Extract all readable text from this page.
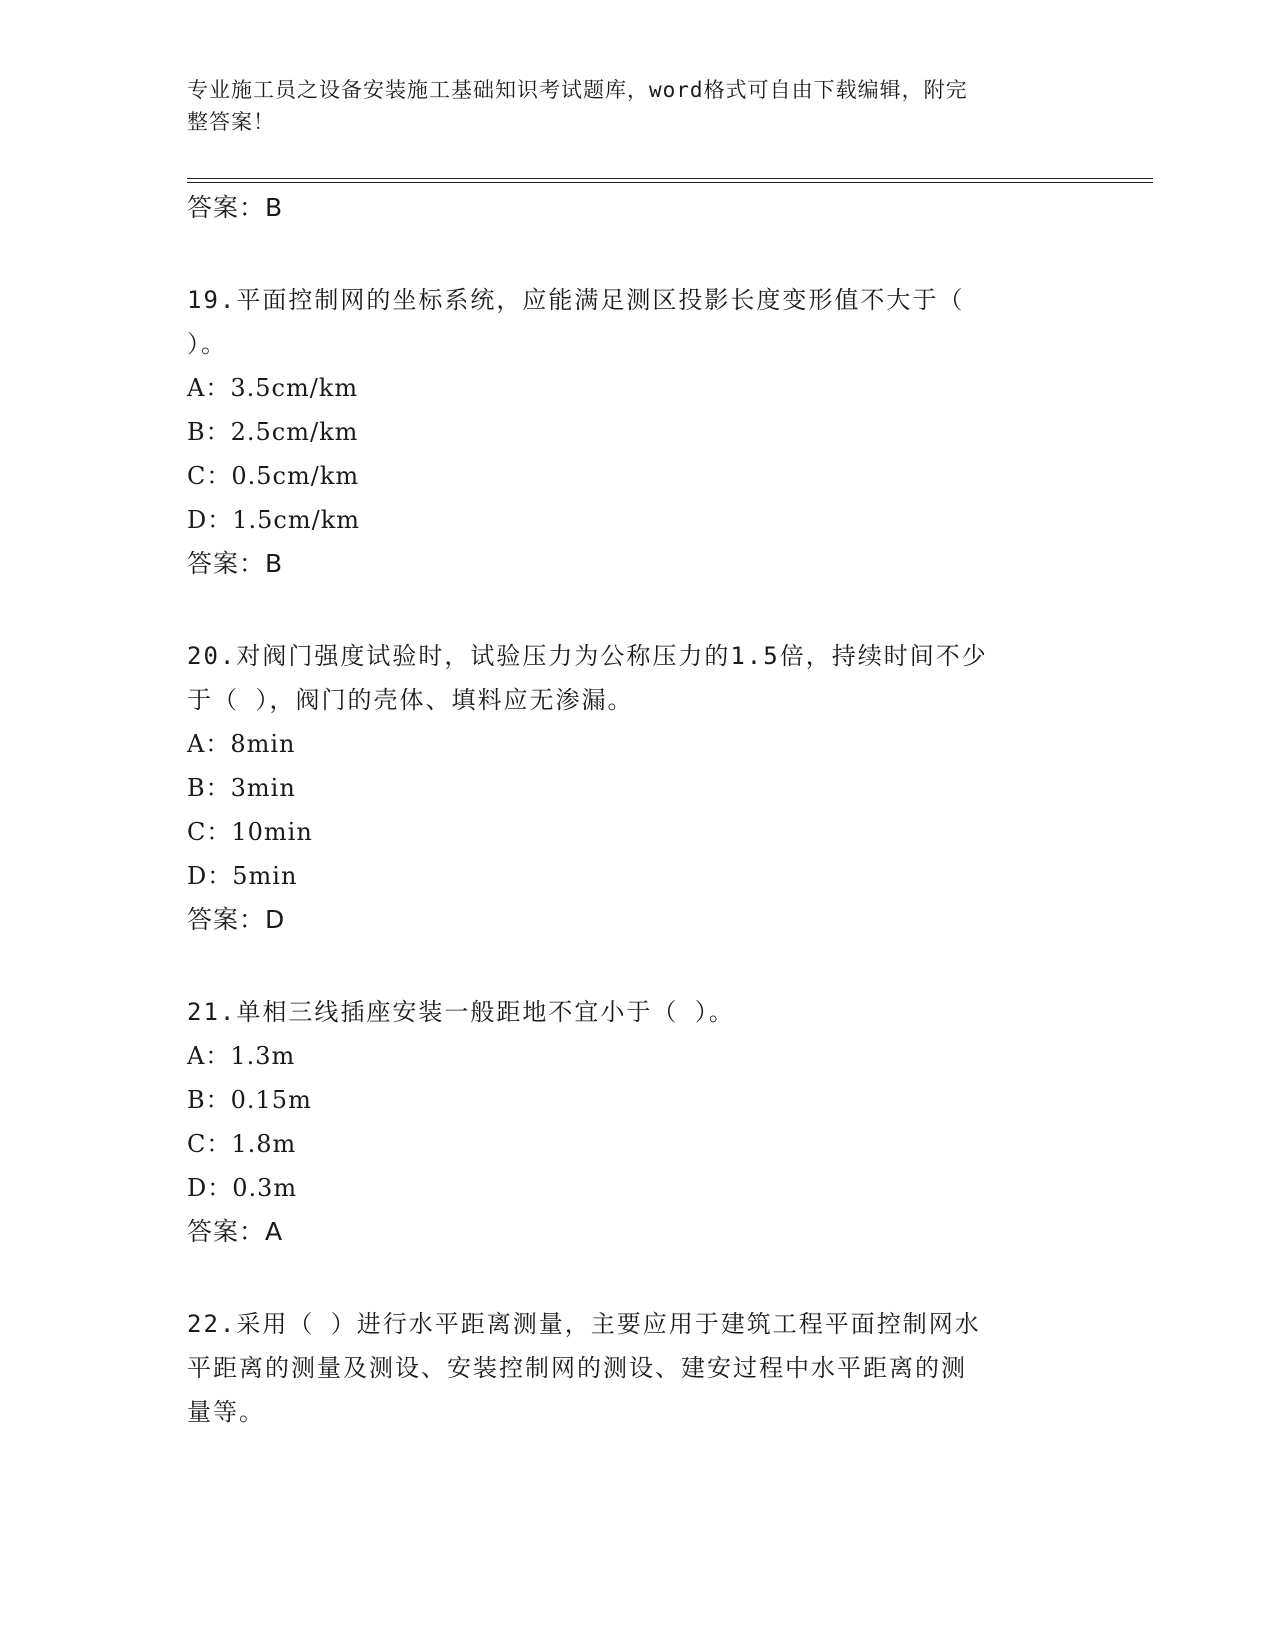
专业施工员之设备安装施工基础知识考试题库，word格式可自由下载编辑，附完
整答案！
答案：B
19.平面控制网的坐标系统，应能满足测区投影长度变形值不大于（
）。
A：3.5cm/km
B：2.5cm/km
C：0.5cm/km
D：1.5cm/km
答案：B
20.对阀门强度试验时，试验压力为公称压力的1.5倍，持续时间不少
于（ ），阀门的壳体、填料应无渗漏。
A：8min
B：3min
C：10min
D：5min
答案：D
21.单相三线插座安装一般距地不宜小于（ ）。
A：1.3m
B：0.15m
C：1.8m
D：0.3m
答案：A
22.采用（ ）进行水平距离测量，主要应用于建筑工程平面控制网水
平距离的测量及测设、安装控制网的测设、建安过程中水平距离的测
量等。
